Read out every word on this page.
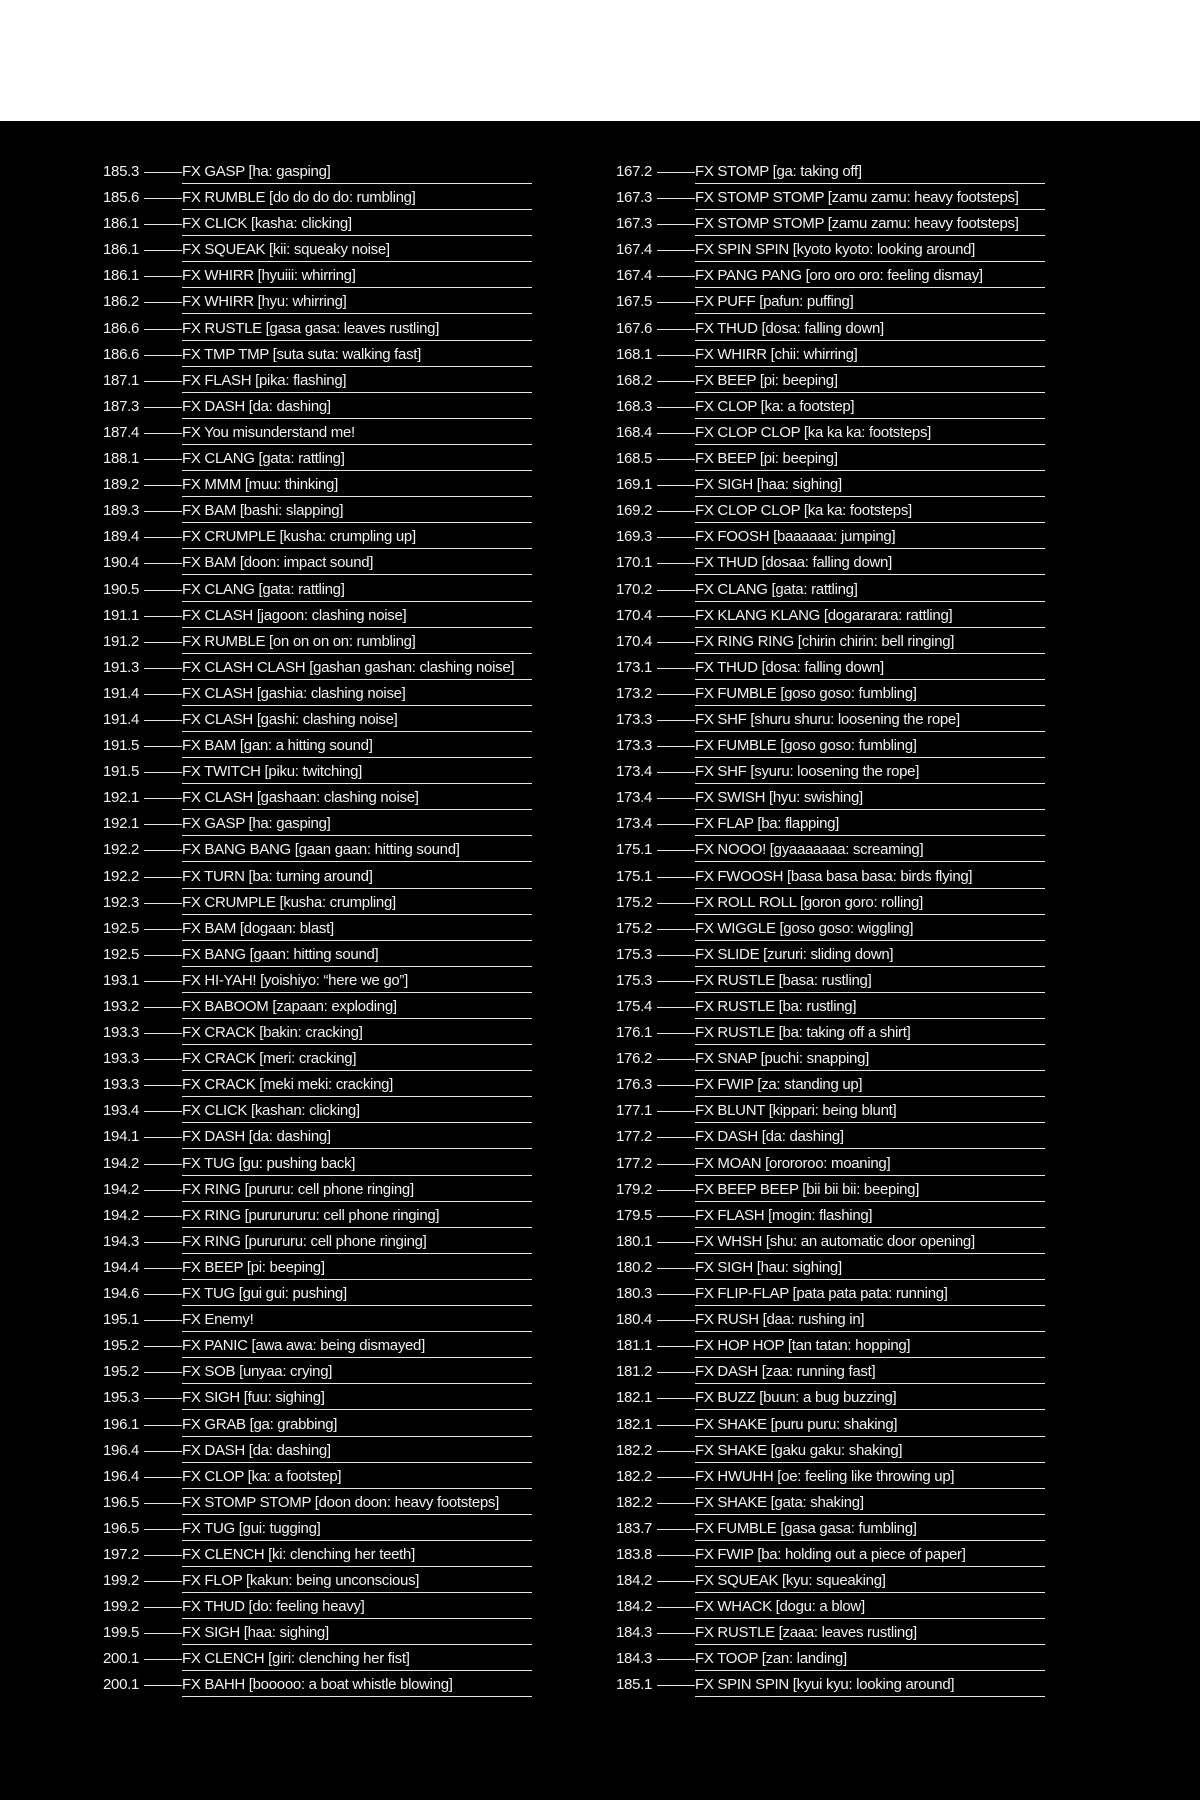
185.3	FX GASP [ha: gasping]
185.6	FX RUMBLE [do do do do: rumbling]
186.1	FX CLICK [kasha: clicking]
186.1	FX SQUEAK [kii: squeaky noise]
186.1	FX WHIRR [hyuiii: whirring]
186.2	FX WHIRR [hyu: whirring]
186.6	FX RUSTLE [gasa gasa: leaves rustling]
186.6	FX TMP TMP [suta suta: walking fast]
187.1	FX FLASH [pika: flashing]
187.3	FX DASH [da: dashing]
187.4	FX You misunderstand me!
188.1	FX CLANG [gata: rattling]
189.2	FX MMM [muu: thinking]
189.3	FX BAM [bashi: slapping]
189.4	FX CRUMPLE [kusha: crumpling up]
190.4	FX BAM [doon: impact sound]
190.5	FX CLANG [gata: rattling]
191.1	FX CLASH [jagoon: clashing noise]
191.2	FX RUMBLE [on on on on: rumbling]
191.3	FX CLASH CLASH [gashan gashan: clashing noise]
191.4	FX CLASH [gashia: clashing noise]
191.4	FX CLASH [gashi: clashing noise]
191.5	FX BAM [gan: a hitting sound]
191.5	FX TWITCH [piku: twitching]
192.1	FX CLASH [gashaan: clashing noise]
192.1	FX GASP [ha: gasping]
192.2	FX BANG BANG [gaan gaan: hitting sound]
192.2	FX TURN [ba: turning around]
192.3	FX CRUMPLE [kusha: crumpling]
192.5	FX BAM [dogaan: blast]
192.5	FX BANG [gaan: hitting sound]
193.1	FX HI-YAH! [yoishiyo: “here we go”]
193.2	FX BABOOM [zapaan: exploding]
193.3	FX CRACK [bakin: cracking]
193.3	FX CRACK [meri: cracking]
193.3	FX CRACK [meki meki: cracking]
193.4	FX CLICK [kashan: clicking]
194.1	FX DASH [da: dashing]
194.2	FX TUG [gu: pushing back]
194.2	FX RING [pururu: cell phone ringing]
194.2	FX RING [pururururu: cell phone ringing]
194.3	FX RING [purururu: cell phone ringing]
194.4	FX BEEP [pi: beeping]
194.6	FX TUG [gui gui: pushing]
195.1	FX Enemy!
195.2	FX PANIC [awa awa: being dismayed]
195.2	FX SOB [unyaa: crying]
195.3	FX SIGH [fuu: sighing]
196.1	FX GRAB [ga: grabbing]
196.4	FX DASH [da: dashing]
196.4	FX CLOP [ka: a footstep]
196.5	FX STOMP STOMP [doon doon: heavy footsteps]
196.5	FX TUG [gui: tugging]
197.2	FX CLENCH [ki: clenching her teeth]
199.2	FX FLOP [kakun: being unconscious]
199.2	FX THUD [do: feeling heavy]
199.5	FX SIGH [haa: sighing]
200.1	FX CLENCH [giri: clenching her fist]
200.1	FX BAHH [booooo: a boat whistle blowing]
167.2	FX STOMP [ga: taking off]
167.3	FX STOMP STOMP [zamu zamu: heavy footsteps]
167.3	FX STOMP STOMP [zamu zamu: heavy footsteps]
167.4	FX SPIN SPIN [kyoto kyoto: looking around]
167.4	FX PANG PANG [oro oro oro: feeling dismay]
167.5	FX PUFF [pafun: puffing]
167.6	FX THUD [dosa: falling down]
168.1	FX WHIRR [chii: whirring]
168.2	FX BEEP [pi: beeping]
168.3	FX CLOP [ka: a footstep]
168.4	FX CLOP CLOP [ka ka ka: footsteps]
168.5	FX BEEP [pi: beeping]
169.1	FX SIGH [haa: sighing]
169.2	FX CLOP CLOP [ka ka: footsteps]
169.3	FX FOOSH [baaaaaa: jumping]
170.1	FX THUD [dosaa: falling down]
170.2	FX CLANG [gata: rattling]
170.4	FX KLANG KLANG [dogararara: rattling]
170.4	FX RING RING [chirin chirin: bell ringing]
173.1	FX THUD [dosa: falling down]
173.2	FX FUMBLE [goso goso: fumbling]
173.3	FX SHF [shuru shuru: loosening the rope]
173.3	FX FUMBLE [goso goso: fumbling]
173.4	FX SHF [syuru: loosening the rope]
173.4	FX SWISH [hyu: swishing]
173.4	FX FLAP [ba: flapping]
175.1	FX NOOO! [gyaaaaaaa: screaming]
175.1	FX FWOOSH [basa basa basa: birds flying]
175.2	FX ROLL ROLL [goron goro: rolling]
175.2	FX WIGGLE [goso goso: wiggling]
175.3	FX SLIDE [zururi: sliding down]
175.3	FX RUSTLE [basa: rustling]
175.4	FX RUSTLE [ba: rustling]
176.1	FX RUSTLE [ba: taking off a shirt]
176.2	FX SNAP [puchi: snapping]
176.3	FX FWIP [za: standing up]
177.1	FX BLUNT [kippari: being blunt]
177.2	FX DASH [da: dashing]
177.2	FX MOAN [orororoo: moaning]
179.2	FX BEEP BEEP [bii bii bii: beeping]
179.5	FX FLASH [mogin: flashing]
180.1	FX WHSH [shu: an automatic door opening]
180.2	FX SIGH [hau: sighing]
180.3	FX FLIP-FLAP [pata pata pata: running]
180.4	FX RUSH [daa: rushing in]
181.1	FX HOP HOP [tan tatan: hopping]
181.2	FX DASH [zaa: running fast]
182.1	FX BUZZ [buun: a bug buzzing]
182.1	FX SHAKE [puru puru: shaking]
182.2	FX SHAKE [gaku gaku: shaking]
182.2	FX HWUHH [oe: feeling like throwing up]
182.2	FX SHAKE [gata: shaking]
183.7	FX FUMBLE [gasa gasa: fumbling]
183.8	FX FWIP [ba: holding out a piece of paper]
184.2	FX SQUEAK [kyu: squeaking]
184.2	FX WHACK [dogu: a blow]
184.3	FX RUSTLE [zaaa: leaves rustling]
184.3	FX TOOP [zan: landing]
185.1	FX SPIN SPIN [kyui kyu: looking around]
